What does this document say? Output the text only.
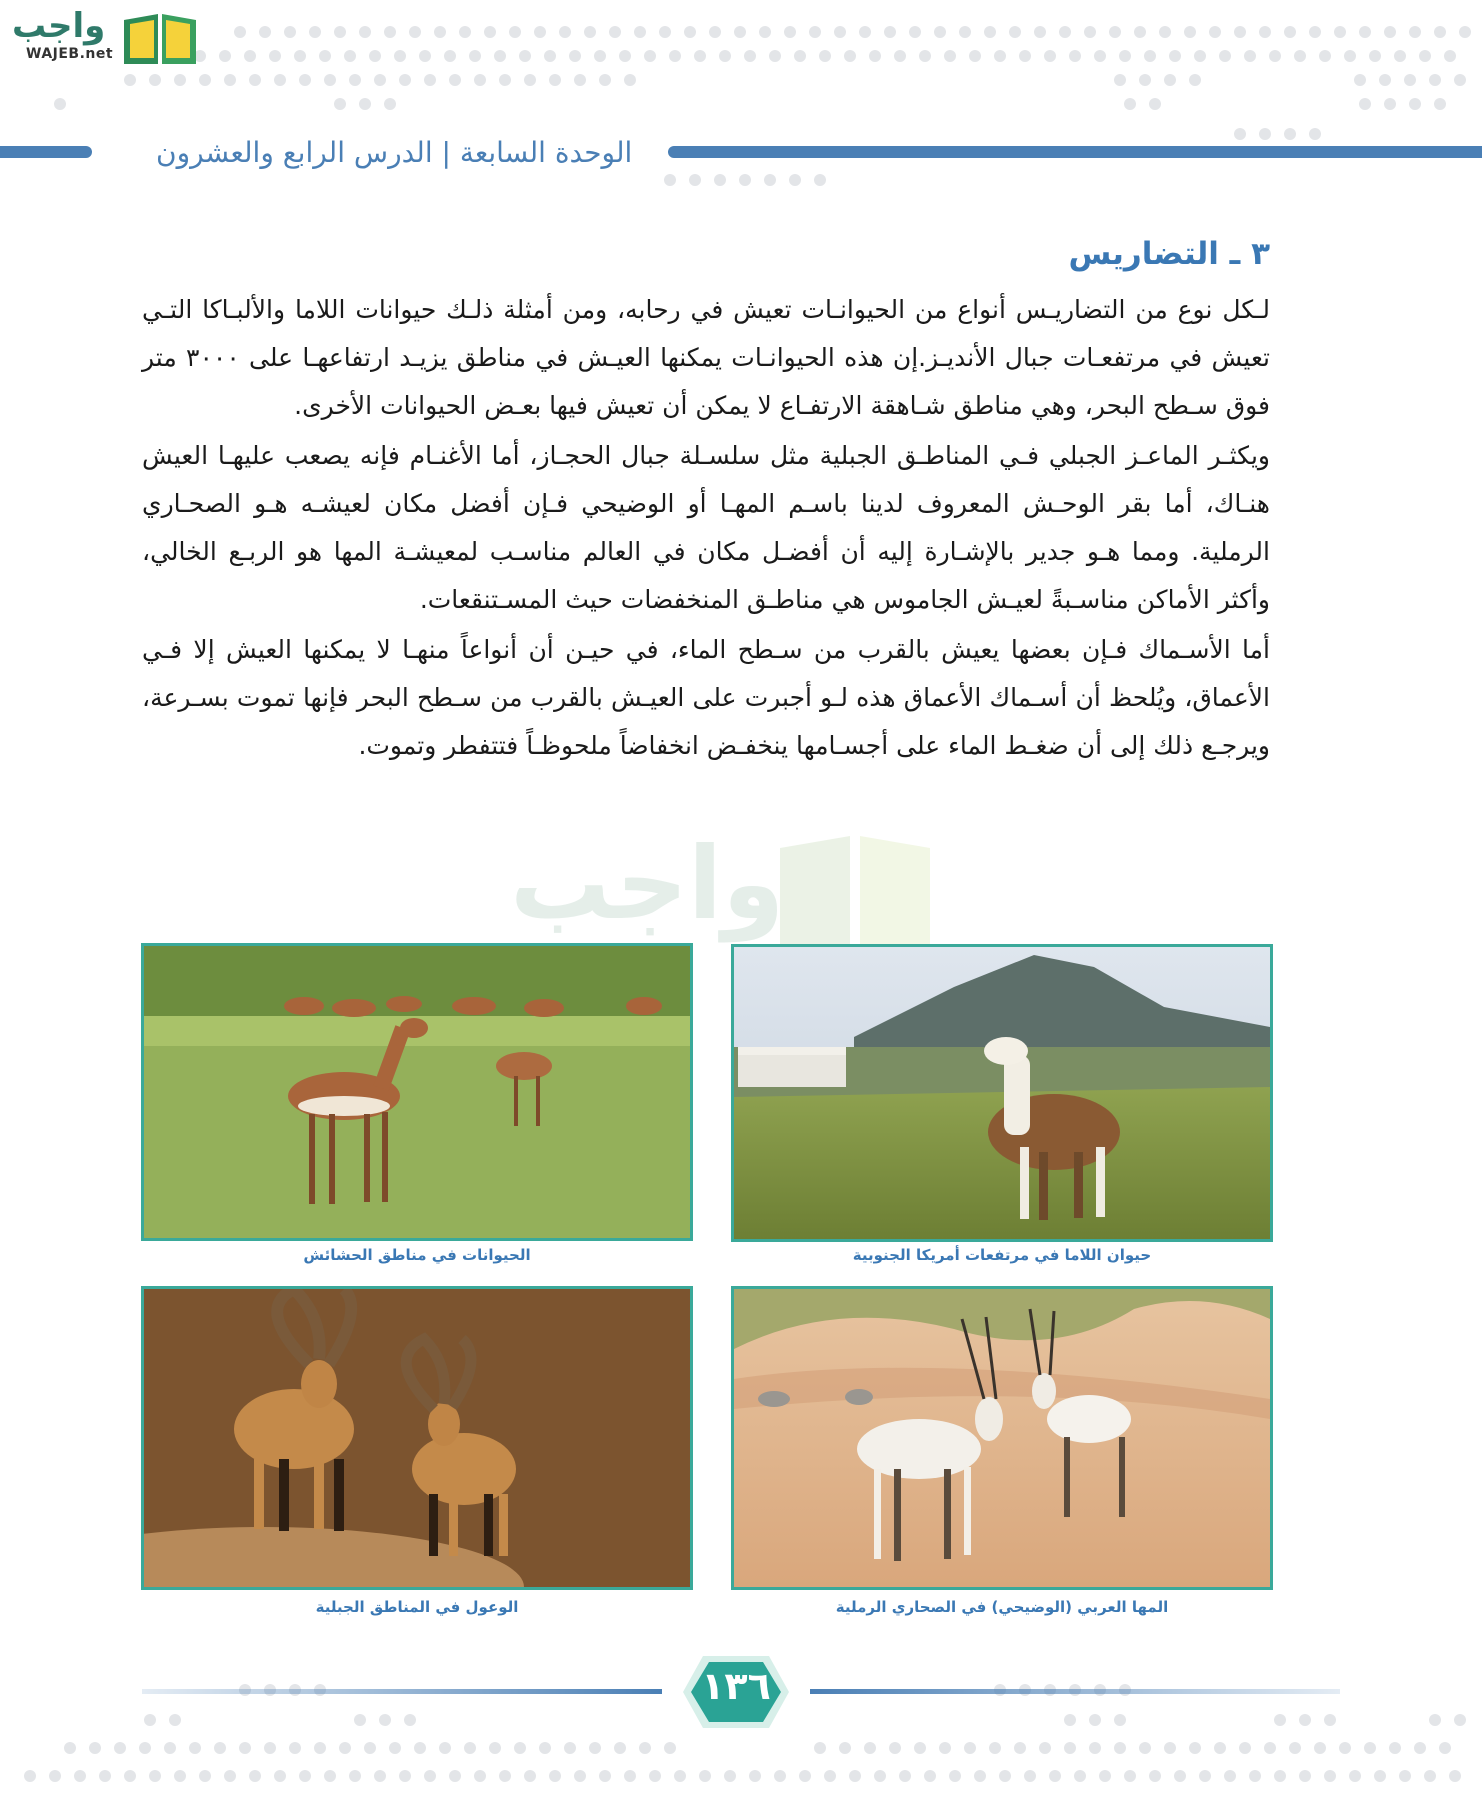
واجب
WAJEB.net
الوحدة السابعة | الدرس الرابع والعشرون
٣ ـ التضاريس

لـكل نوع من التضاريـس أنواع من الحيوانـات تعيش في رحابه، ومن أمثلة ذلـك حيوانات اللاما والألبـاكا التـي تعيش في مرتفعـات جبال الأنديـز.إن هذه الحيوانـات يمكنها العيـش في مناطق يزيـد ارتفاعهـا على ٣٠٠٠ متر فوق سـطح البحر، وهي مناطق شـاهقة الارتفـاع لا يمكن أن تعيش فيها بعـض الحيوانات الأخرى.

ويكثـر الماعـز الجبلي فـي المناطـق الجبلية مثل سلسـلة جبال الحجـاز، أما الأغنـام فإنه يصعب عليهـا العيش هنـاك، أما بقر الوحـش المعروف لدينا باسـم المهـا أو الوضيحي فـإن أفضل مكان لعيشـه هـو الصحـاري الرملية. ومما هـو جدير بالإشـارة إليه أن أفضـل مكان في العالم مناسـب لمعيشـة المها هو الربـع الخالي، وأكثر الأماكن مناسـبةً لعيـش الجاموس هي مناطـق المنخفضات حيث المسـتنقعات.

أما الأسـماك فـإن بعضها يعيش بالقرب من سـطح الماء، في حيـن أن أنواعاً منهـا لا يمكنها العيش إلا فـي الأعماق، ويُلحظ أن أسـماك الأعماق هذه لـو أجبرت على العيـش بالقرب من سـطح البحر فإنها تموت بسـرعة، ويرجـع ذلك إلى أن ضغـط الماء على أجسـامها ينخفـض انخفاضاً ملحوظـاً فتتفطر وتموت.

واجب
حيوان اللاما في مرتفعات أمريكا الجنوبية
الحيوانات في مناطق الحشائش
المها العربي (الوضيحي) في الصحاري الرملية
الوعول في المناطق الجبلية
١٣٦
